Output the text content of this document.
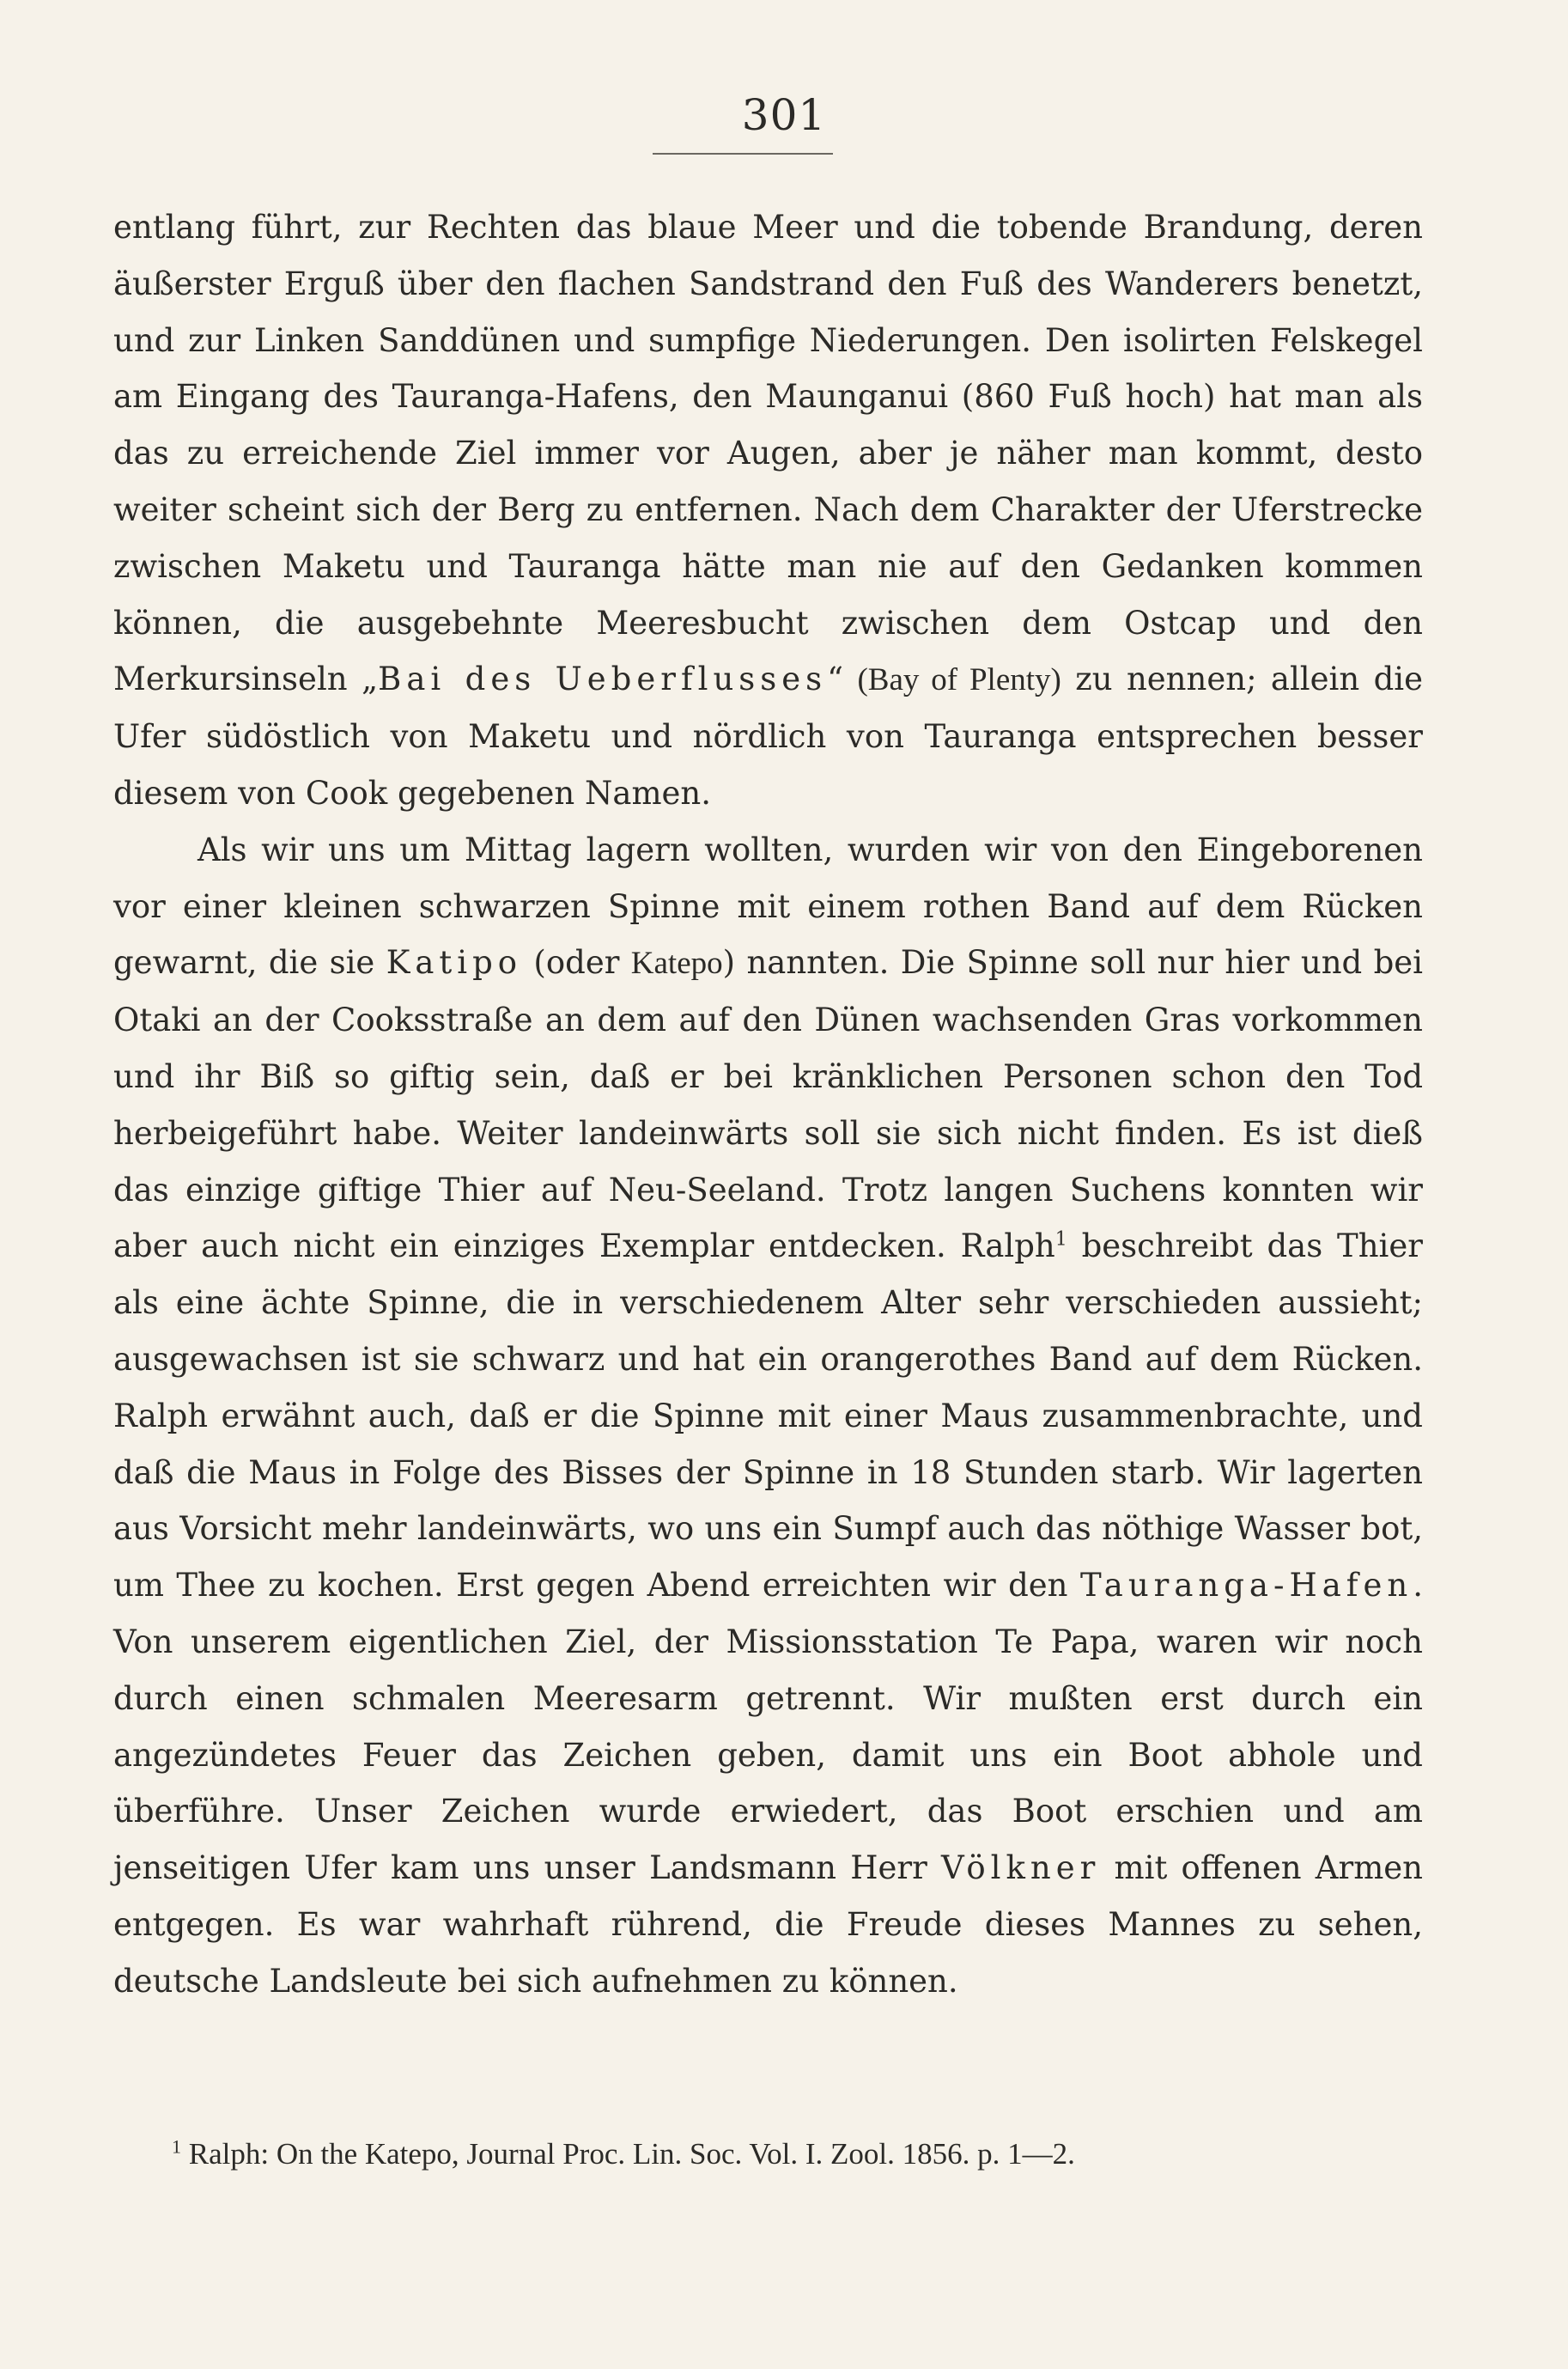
301

entlang führt, zur Rechten das blaue Meer und die tobende Brandung, deren äußerster Erguß über den flachen Sandstrand den Fuß des Wanderers benetzt, und zur Linken Sanddünen und sumpfige Niederungen. Den isolirten Felskegel am Eingang des Tauranga-Hafens, den Maunganui (860 Fuß hoch) hat man als das zu erreichende Ziel immer vor Augen, aber je näher man kommt, desto weiter scheint sich der Berg zu entfernen. Nach dem Charakter der Uferstrecke zwischen Maketu und Tauranga hätte man nie auf den Gedanken kommen können, die ausgebehnte Meeresbucht zwischen dem Ostcap und den Merkursinseln „Bai des Ueberflusses“ (Bay of Plenty) zu nennen; allein die Ufer südöstlich von Maketu und nördlich von Tauranga entsprechen besser diesem von Cook gegebenen Namen.

Als wir uns um Mittag lagern wollten, wurden wir von den Eingeborenen vor einer kleinen schwarzen Spinne mit einem rothen Band auf dem Rücken gewarnt, die sie Katipo (oder Katepo) nannten. Die Spinne soll nur hier und bei Otaki an der Cooksstraße an dem auf den Dünen wachsenden Gras vorkommen und ihr Biß so giftig sein, daß er bei kränklichen Personen schon den Tod herbeigeführt habe. Weiter landeinwärts soll sie sich nicht finden. Es ist dieß das einzige giftige Thier auf Neu-Seeland. Trotz langen Suchens konnten wir aber auch nicht ein einziges Exemplar entdecken. Ralph$^1$ beschreibt das Thier als eine ächte Spinne, die in verschiedenem Alter sehr verschieden aussieht; ausgewachsen ist sie schwarz und hat ein orangerothes Band auf dem Rücken. Ralph erwähnt auch, daß er die Spinne mit einer Maus zusammenbrachte, und daß die Maus in Folge des Bisses der Spinne in 18 Stunden starb. Wir lagerten aus Vorsicht mehr landeinwärts, wo uns ein Sumpf auch das nöthige Wasser bot, um Thee zu kochen. Erst gegen Abend erreichten wir den Tauranga-Hafen. Von unserem eigentlichen Ziel, der Missionsstation Te Papa, waren wir noch durch einen schmalen Meeresarm getrennt. Wir mußten erst durch ein angezündetes Feuer das Zeichen geben, damit uns ein Boot abhole und überführe. Unser Zeichen wurde erwiedert, das Boot erschien und am jenseitigen Ufer kam uns unser Landsmann Herr Völkner mit offenen Armen entgegen. Es war wahrhaft rührend, die Freude dieses Mannes zu sehen, deutsche Landsleute bei sich aufnehmen zu können.

$^1$ Ralph: On the Katepo, Journal Proc. Lin. Soc. Vol. I. Zool. 1856. p. 1—2.
